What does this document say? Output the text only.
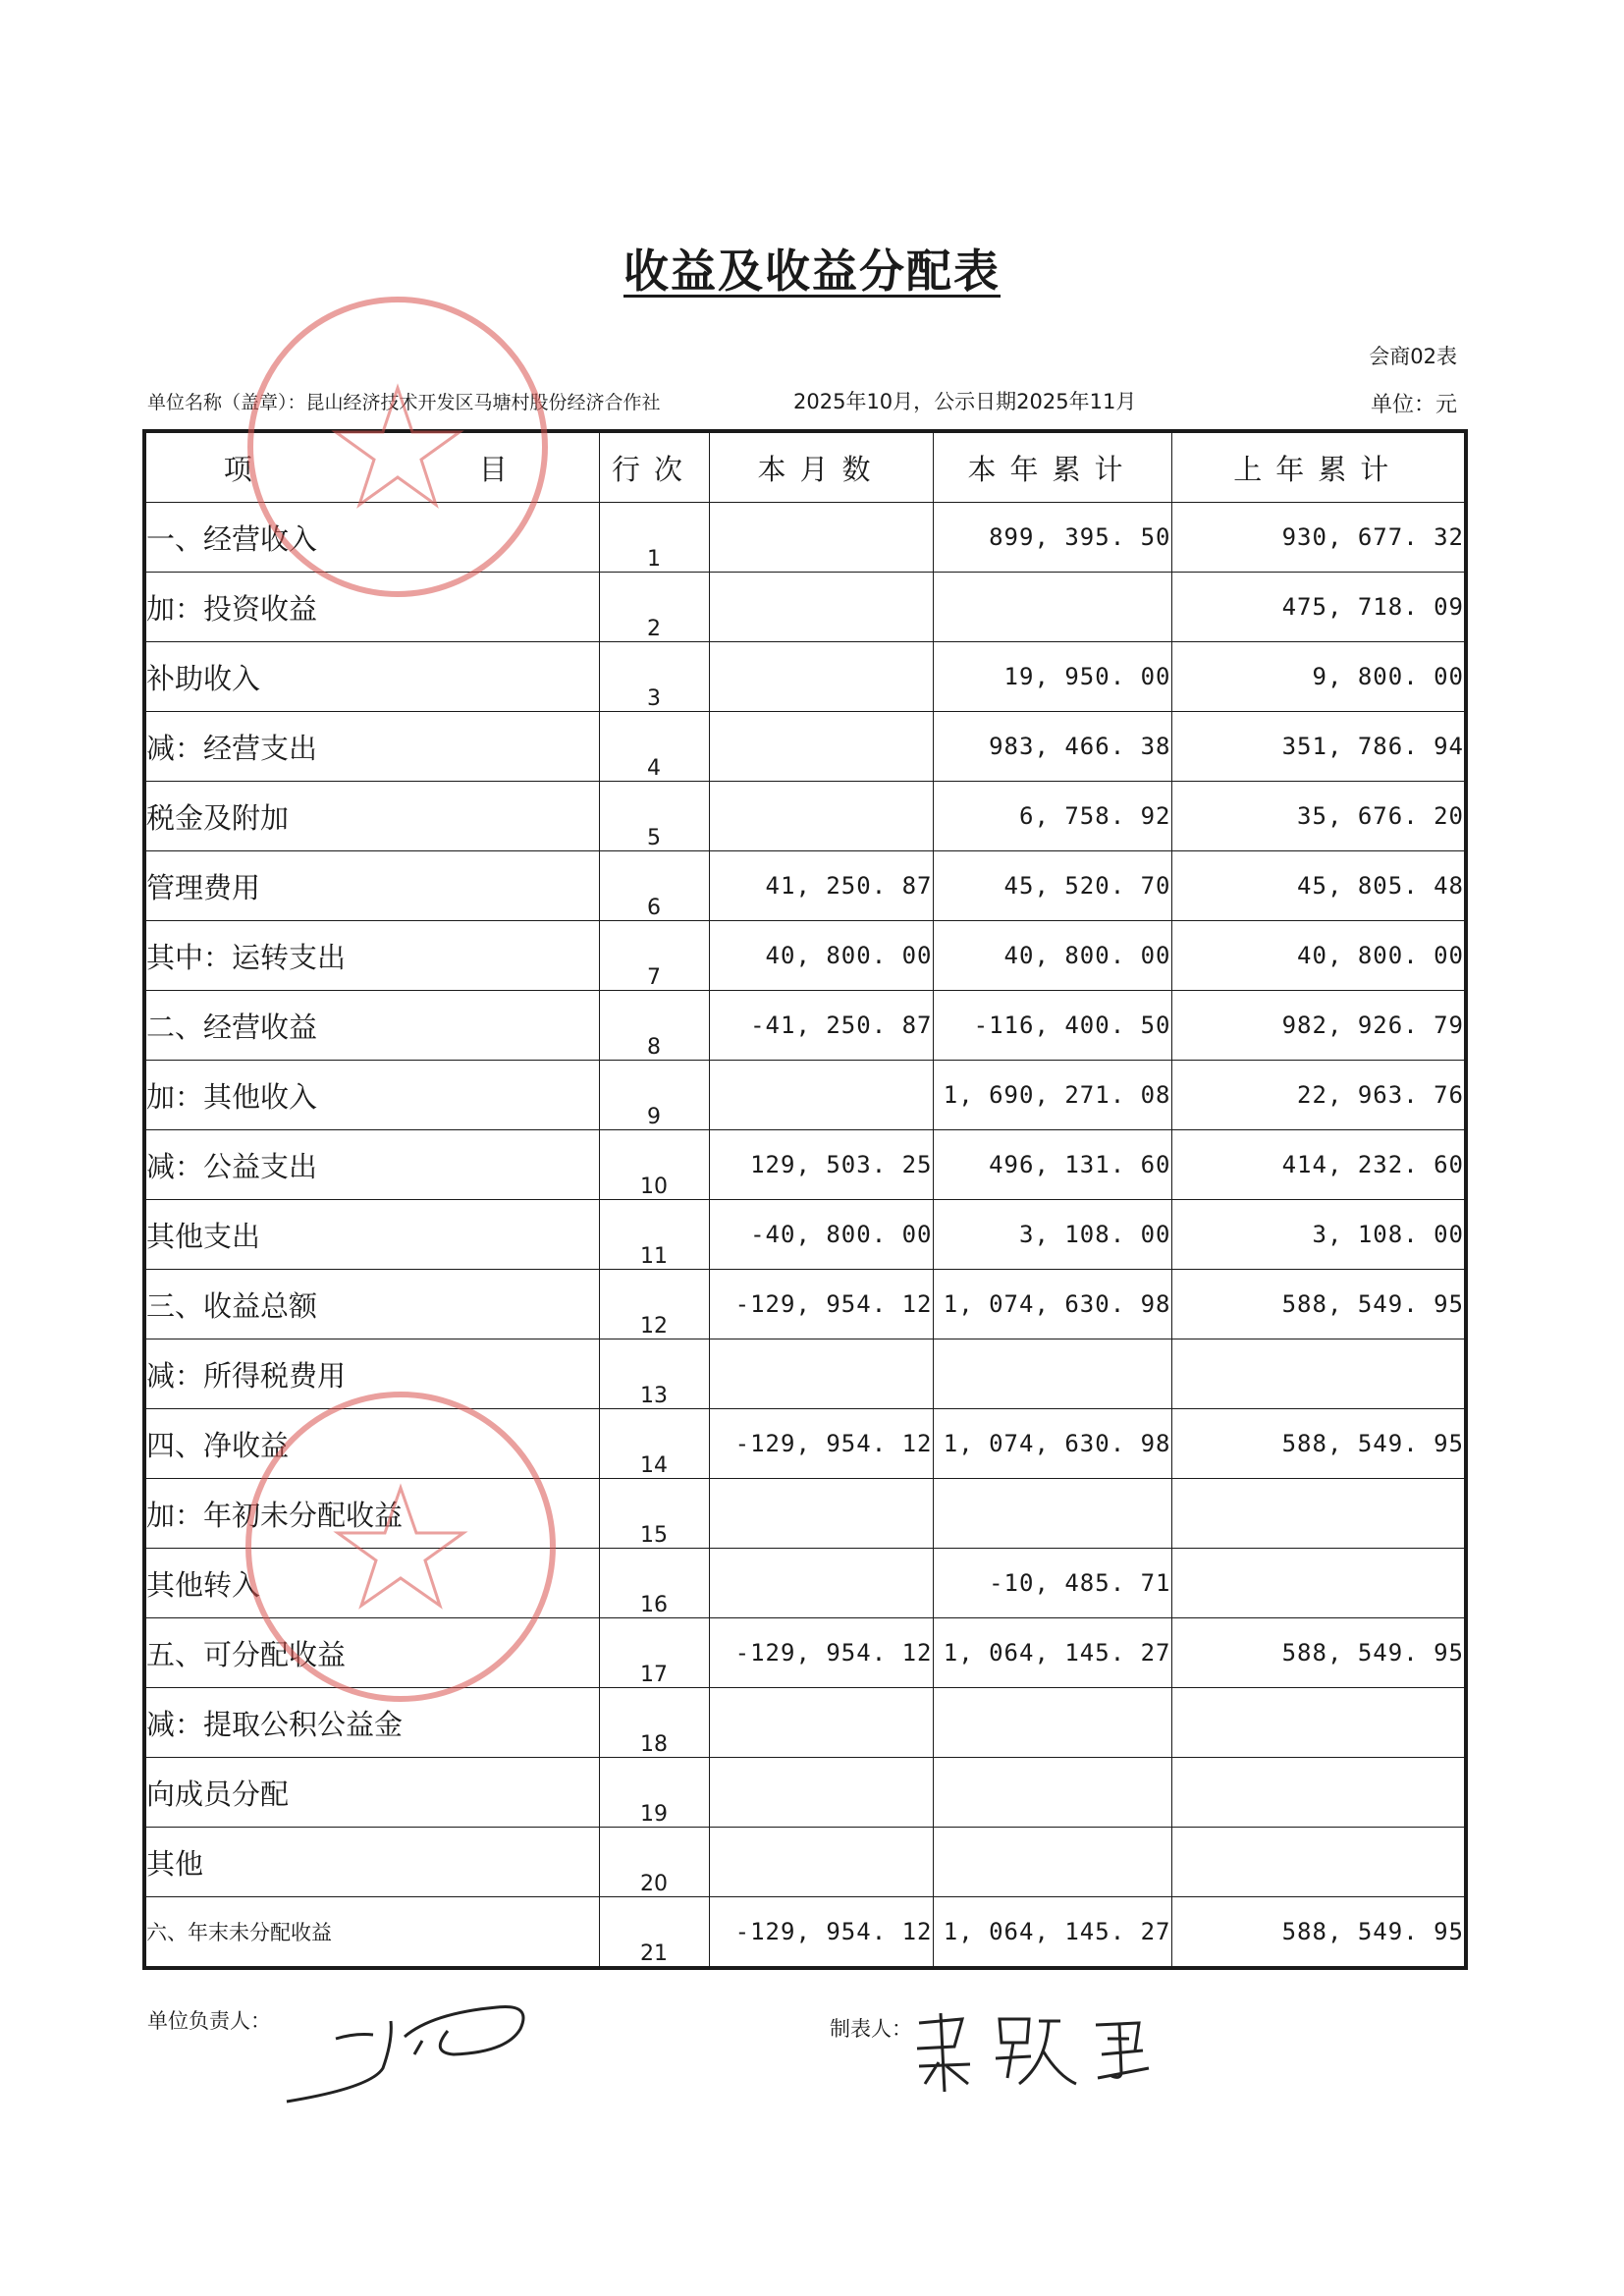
收益及收益分配表
会商02表
单位名称（盖章）：昆山经济技术开发区马塘村股份经济合作社	2025年10月，公示日期2025年11月	单位：元
项 目	行次	本月数	本年累计	上年累计
一、经营收入	1		899, 395. 50	930, 677. 32
加：投资收益	2			475, 718. 09
补助收入	3		19, 950. 00	9, 800. 00
减：经营支出	4		983, 466. 38	351, 786. 94
税金及附加	5		6, 758. 92	35, 676. 20
管理费用	6	41, 250. 87	45, 520. 70	45, 805. 48
其中：运转支出	7	40, 800. 00	40, 800. 00	40, 800. 00
二、经营收益	8	-41, 250. 87	-116, 400. 50	982, 926. 79
加：其他收入	9		1, 690, 271. 08	22, 963. 76
减：公益支出	10	129, 503. 25	496, 131. 60	414, 232. 60
其他支出	11	-40, 800. 00	3, 108. 00	3, 108. 00
三、收益总额	12	-129, 954. 12	1, 074, 630. 98	588, 549. 95
减：所得税费用	13			
四、净收益	14	-129, 954. 12	1, 074, 630. 98	588, 549. 95
加：年初未分配收益	15			
其他转入	16		-10, 485. 71	
五、可分配收益	17	-129, 954. 12	1, 064, 145. 27	588, 549. 95
减：提取公积公益金	18			
向成员分配	19			
其他	20			
六、年末未分配收益	21	-129, 954. 12	1, 064, 145. 27	588, 549. 95
单位负责人：	制表人：
